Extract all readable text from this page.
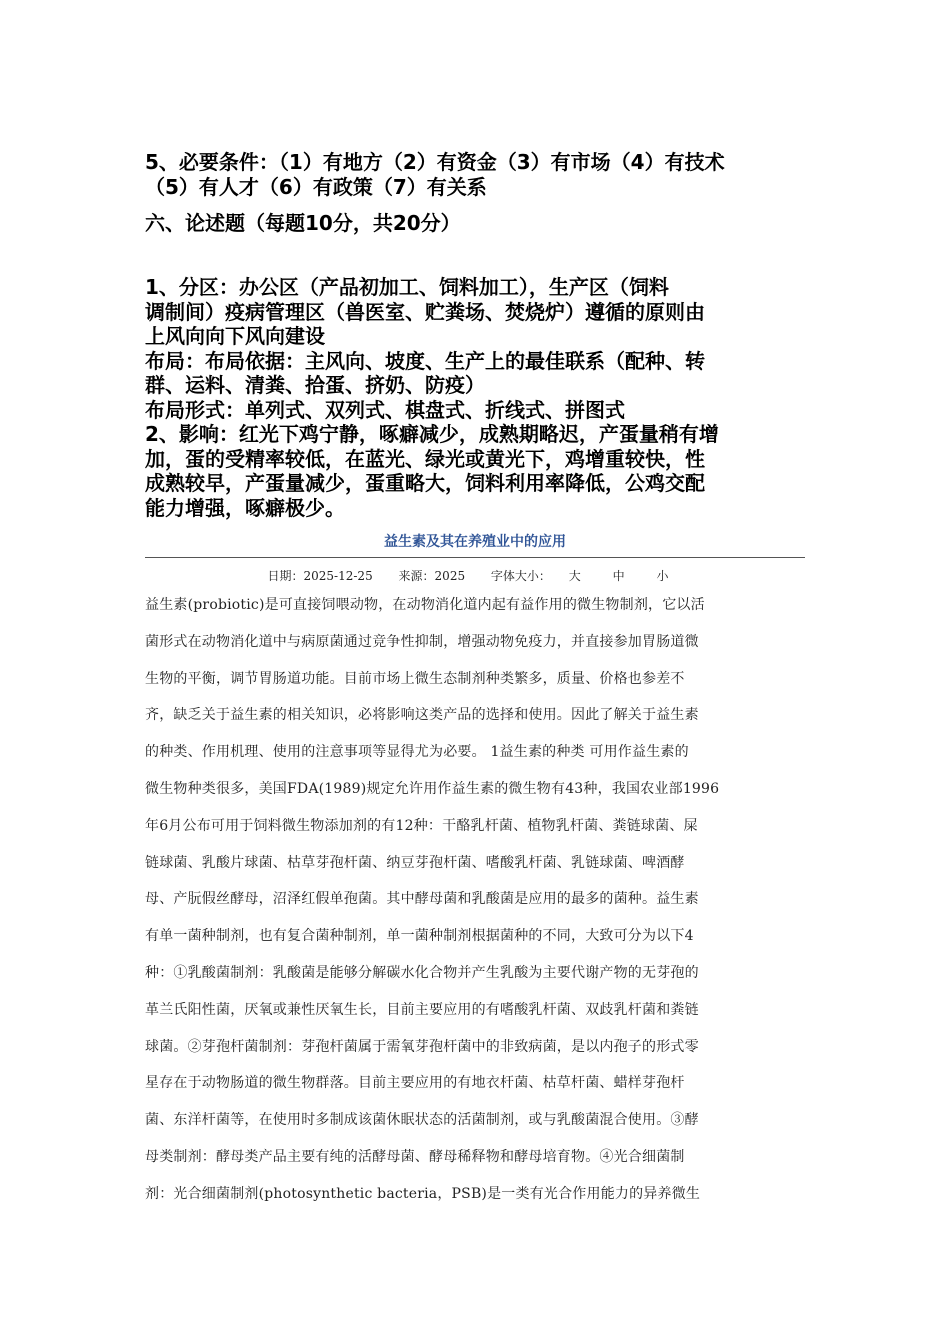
5、必要条件：（1）有地方（2）有资金（3）有市场（4）有技术
（5）有人才（6）有政策（7）有关系
六、论述题（每题10分，共20分）
1、分区：办公区（产品初加工、饲料加工），生产区（饲料
调制间）疫病管理区（兽医室、贮粪场、焚烧炉）遵循的原则由
上风向向下风向建设
布局：布局依据：主风向、坡度、生产上的最佳联系（配种、转
群、运料、清粪、拾蛋、挤奶、防疫）
布局形式：单列式、双列式、棋盘式、折线式、拼图式
2、影响：红光下鸡宁静，啄癖减少，成熟期略迟，产蛋量稍有增
加，蛋的受精率较低，在蓝光、绿光或黄光下，鸡增重较快，性
成熟较早，产蛋量减少，蛋重略大，饲料利用率降低，公鸡交配
能力增强，啄癖极少。
益生素及其在养殖业中的应用
日期：2025-12-25 来源：2025 字体大小： 大	中	小
益生素(probiotic)是可直接饲喂动物，在动物消化道内起有益作用的微生物制剂，它以活
菌形式在动物消化道中与病原菌通过竞争性抑制，增强动物免疫力，并直接参加胃肠道微
生物的平衡，调节胃肠道功能。目前市场上微生态制剂种类繁多，质量、价格也参差不
齐，缺乏关于益生素的相关知识，必将影响这类产品的选择和使用。因此了解关于益生素
的种类、作用机理、使用的注意事项等显得尤为必要。 1益生素的种类 可用作益生素的
微生物种类很多，美国FDA(1989)规定允许用作益生素的微生物有43种，我国农业部1996
年6月公布可用于饲料微生物添加剂的有12种：干酪乳杆菌、植物乳杆菌、粪链球菌、屎
链球菌、乳酸片球菌、枯草芽孢杆菌、纳豆芽孢杆菌、嗜酸乳杆菌、乳链球菌、啤酒酵
母、产朊假丝酵母，沼泽红假单孢菌。其中酵母菌和乳酸菌是应用的最多的菌种。益生素
有单一菌种制剂，也有复合菌种制剂，单一菌种制剂根据菌种的不同，大致可分为以下4
种：①乳酸菌制剂：乳酸菌是能够分解碳水化合物并产生乳酸为主要代谢产物的无芽孢的
革兰氏阳性菌，厌氧或兼性厌氧生长，目前主要应用的有嗜酸乳杆菌、双歧乳杆菌和粪链
球菌。②芽孢杆菌制剂：芽孢杆菌属于需氧芽孢杆菌中的非致病菌，是以内孢子的形式零
星存在于动物肠道的微生物群落。目前主要应用的有地衣杆菌、枯草杆菌、蜡样芽孢杆
菌、东洋杆菌等，在使用时多制成该菌休眠状态的活菌制剂，或与乳酸菌混合使用。③酵
母类制剂：酵母类产品主要有纯的活酵母菌、酵母稀释物和酵母培育物。④光合细菌制
剂：光合细菌制剂(photosynthetic bacteria，PSB)是一类有光合作用能力的异养微生
